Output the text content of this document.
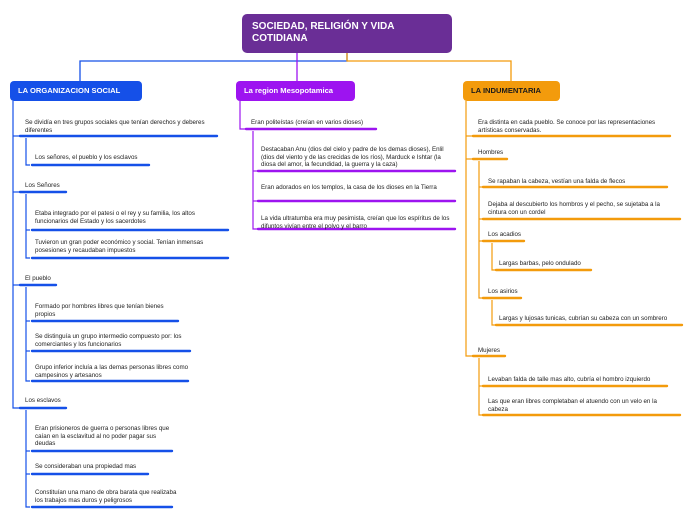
SOCIEDAD, RELIGIÓN Y VIDA COTIDIANA
LA ORGANIZACION SOCIAL	La region Mesopotamica	LA INDUMENTARIA
Se dividía en tres grupos sociales que tenían derechos y deberes diferentes
Los señores, el pueblo y los esclavos
Los Señores
Etaba integrado por el patesi o el rey y su familia, los altos funcionarios del Estado y los sacerdotes
Tuvieron un gran poder económico y social. Tenían inmensas posesiones y recaudaban impuestos
El pueblo
Formado por hombres libres que tenían bienes propios
Se distinguía un grupo intermedio compuesto por: los comerciantes y los funcionarios
Grupo inferior incluía a las demas personas libres como campesinos y artesanos
Los esclavos
Eran prisioneros de guerra o personas libres que caían en la esclavitud al no poder pagar sus deudas
Se consideraban una propiedad mas
Constituían una mano de obra barata que realizaba los trabajos mas duros y peligrosos
Eran politeístas (creían en varios dioses)
Destacaban Anu (dios del cielo y padre de los demas dioses), Enlil (dios del viento y de las crecidas de los ríos), Marduck e Ishtar (la diosa del amor, la fecundidad, la guerra y la caza)
Eran adorados en los templos, la casa de los dioses en la Tierra
La vida ultratumba era muy pesimista, creían que los espíritus de los difuntos vivían entre el polvo y el barro
Era distinta en cada pueblo. Se conoce por las representaciones artísticas conservadas.
Hombres
Se rapaban la cabeza, vestían una falda de flecos
Dejaba al descubierto los hombros y el pecho, se sujetaba a la cintura con un cordel
Los acadios
Largas barbas, pelo ondulado
Los asirios
Largas y lujosas tunicas, cubrían su cabeza con un sombrero
Mujeres
Levaban falda de talle mas alto, cubría el hombro izquierdo
Las que eran libres completaban el atuendo con un velo en la cabeza
